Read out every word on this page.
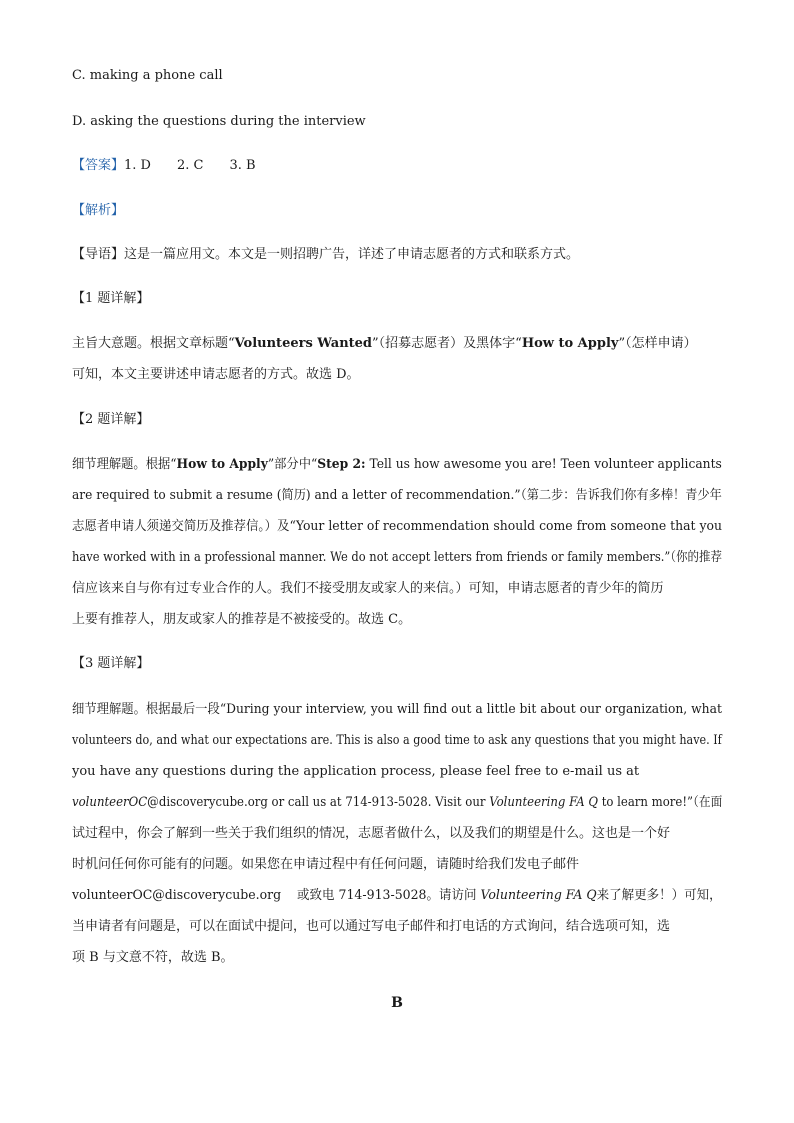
C. making a phone call
D. asking the questions during the interview
【答案】1. D 2. C 3. B
【解析】
【导语】这是一篇应用文。本文是一则招聘广告，详述了申请志愿者的方式和联系方式。
【1 题详解】
主旨大意题。根据文章标题“Volunteers Wanted”（招募志愿者）及黑体字“How to Apply”（怎样申请）
可知，本文主要讲述申请志愿者的方式。故选 D。
【2 题详解】
细节理解题。根据“How to Apply”部分中“Step 2: Tell us how awesome you are! Teen volunteer applicants
are required to submit a resume (简历) and a letter of recommendation.”（第二步：告诉我们你有多棒！青少年
志愿者申请人须递交简历及推荐信。）及“Your letter of recommendation should come from someone that you
have worked with in a professional manner. We do not accept letters from friends or family members.”（你的推荐
信应该来自与你有过专业合作的人。我们不接受朋友或家人的来信。）可知，申请志愿者的青少年的简历
上要有推荐人，朋友或家人的推荐是不被接受的。故选 C。
【3 题详解】
细节理解题。根据最后一段“During your interview, you will find out a little bit about our organization, what
volunteers do, and what our expectations are. This is also a good time to ask any questions that you might have. If
you have any questions during the application process, please feel free to e-mail us at
volunteerOC@discoverycube.org or call us at 714-913-5028. Visit our Volunteering FA Q to learn more!”（在面
试过程中，你会了解到一些关于我们组织的情况，志愿者做什么，以及我们的期望是什么。这也是一个好
时机问任何你可能有的问题。如果您在申请过程中有任何问题，请随时给我们发电子邮件
volunteerOC@discoverycube.org    或致电 714-913-5028。请访问 Volunteering FA Q来了解更多！）可知，
当申请者有问题是，可以在面试中提问，也可以通过写电子邮件和打电话的方式询问，结合选项可知，选
项 B 与文意不符，故选 B。
B
